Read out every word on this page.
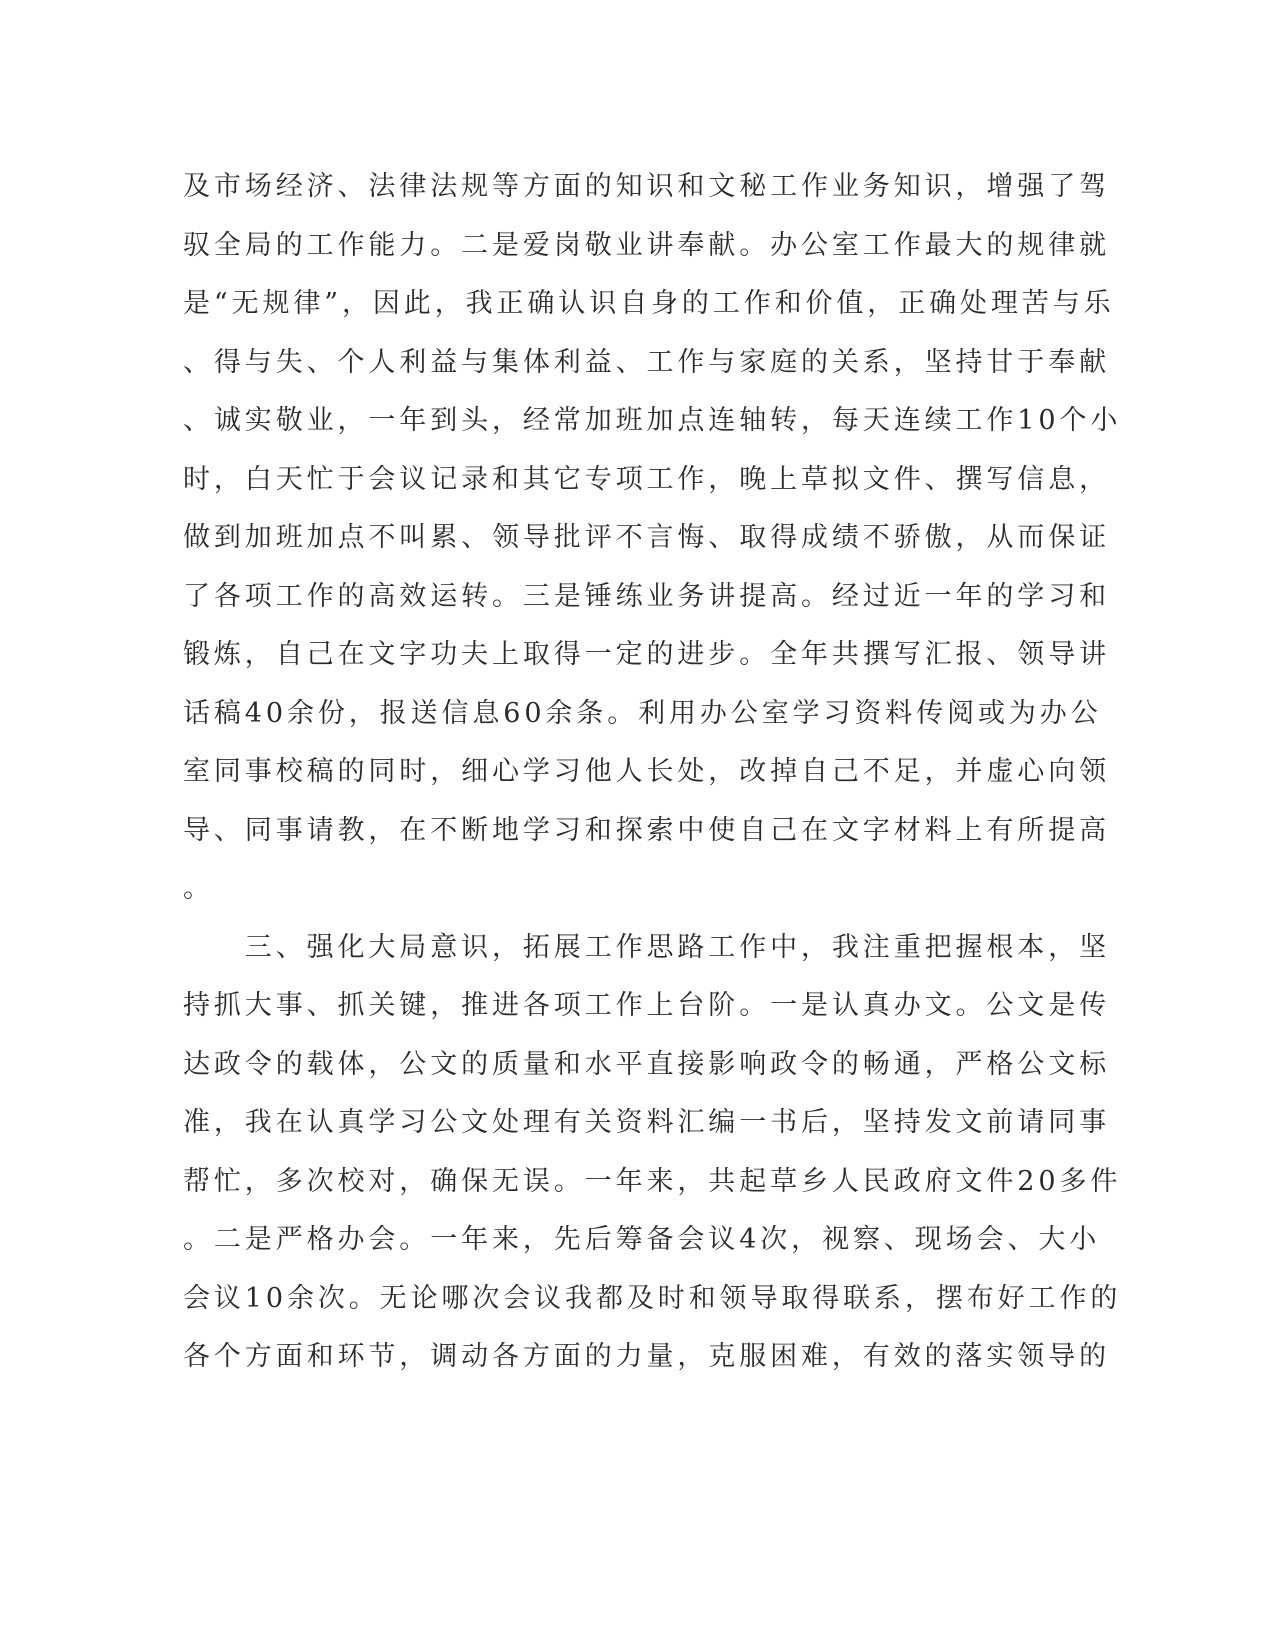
及市场经济、法律法规等方面的知识和文秘工作业务知识，增强了驾
驭全局的工作能力。二是爱岗敬业讲奉献。办公室工作最大的规律就
是“无规律”，因此，我正确认识自身的工作和价值，正确处理苦与乐
、得与失、个人利益与集体利益、工作与家庭的关系，坚持甘于奉献
、诚实敬业，一年到头，经常加班加点连轴转，每天连续工作10个小
时，白天忙于会议记录和其它专项工作，晚上草拟文件、撰写信息，
做到加班加点不叫累、领导批评不言悔、取得成绩不骄傲，从而保证
了各项工作的高效运转。三是锤练业务讲提高。经过近一年的学习和
锻炼，自己在文字功夫上取得一定的进步。全年共撰写汇报、领导讲
话稿40余份，报送信息60余条。利用办公室学习资料传阅或为办公
室同事校稿的同时，细心学习他人长处，改掉自己不足，并虚心向领
导、同事请教，在不断地学习和探索中使自己在文字材料上有所提高
。
　　三、强化大局意识，拓展工作思路工作中，我注重把握根本，坚
持抓大事、抓关键，推进各项工作上台阶。一是认真办文。公文是传
达政令的载体，公文的质量和水平直接影响政令的畅通，严格公文标
准，我在认真学习公文处理有关资料汇编一书后，坚持发文前请同事
帮忙，多次校对，确保无误。一年来，共起草乡人民政府文件20多件
。二是严格办会。一年来，先后筹备会议4次，视察、现场会、大小
会议10余次。无论哪次会议我都及时和领导取得联系，摆布好工作的
各个方面和环节，调动各方面的力量，克服困难，有效的落实领导的
